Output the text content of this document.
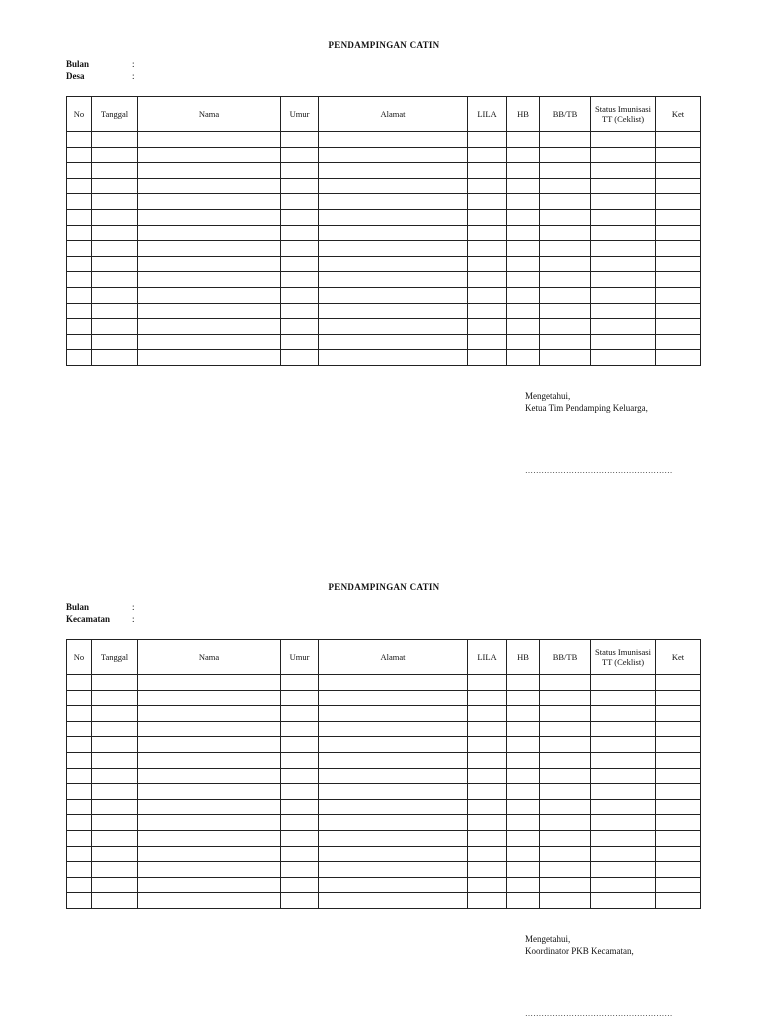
PENDAMPINGAN CATIN
Bulan	:
Desa	:
No	Tanggal	Nama	Umur	Alamat	LILA	HB	BB/TB	Status Imunisasi TT (Ceklist)	Ket

Mengetahui,
Ketua Tim Pendamping Keluarga,
………………………………………………
PENDAMPINGAN CATIN
Bulan	:
Kecamatan :
No	Tanggal	Nama	Umur	Alamat	LILA	HB	BB/TB	Status Imunisasi TT (Ceklist)	Ket

Mengetahui,
Koordinator PKB Kecamatan,
………………………………………………
